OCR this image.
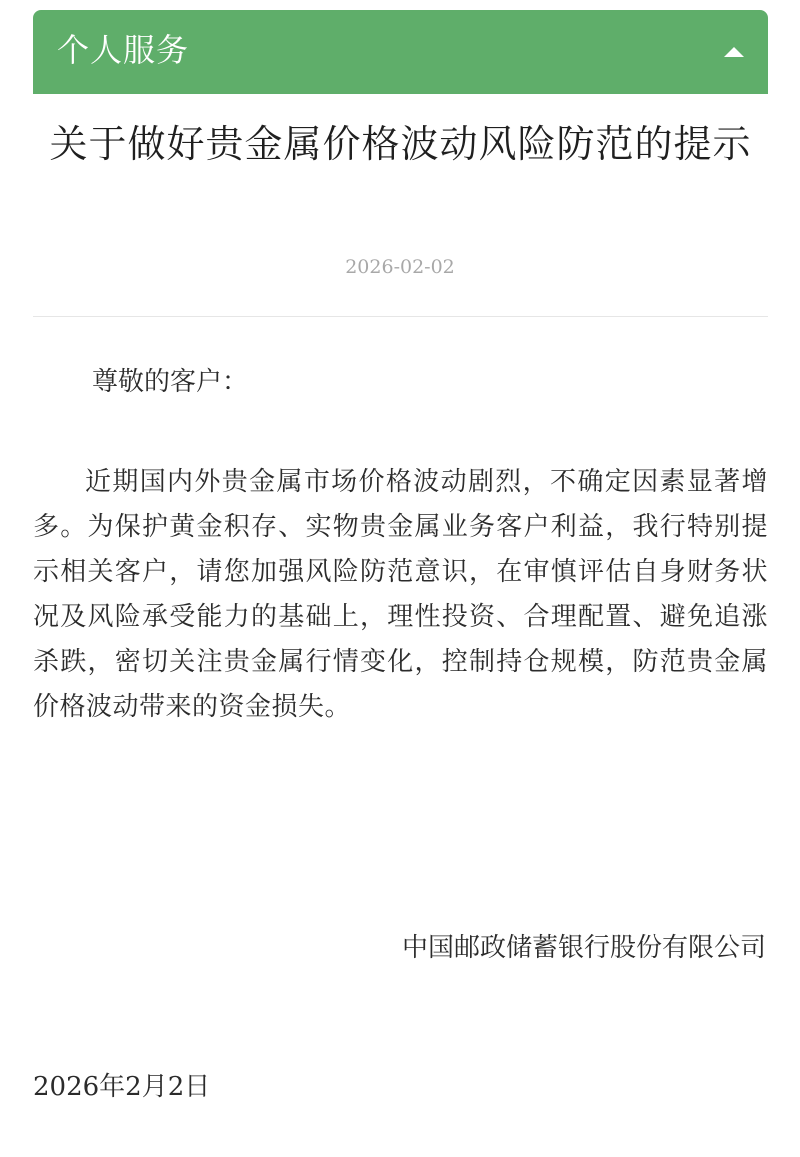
个人服务
关于做好贵金属价格波动风险防范的提示
2026-02-02
尊敬的客户：

近期国内外贵金属市场价格波动剧烈，不确定因素显著增多。为保护黄金积存、实物贵金属业务客户利益，我行特别提示相关客户，请您加强风险防范意识，在审慎评估自身财务状况及风险承受能力的基础上，理性投资、合理配置、避免追涨杀跌，密切关注贵金属行情变化，控制持仓规模，防范贵金属价格波动带来的资金损失。

中国邮政储蓄银行股份有限公司
2026年2月2日
